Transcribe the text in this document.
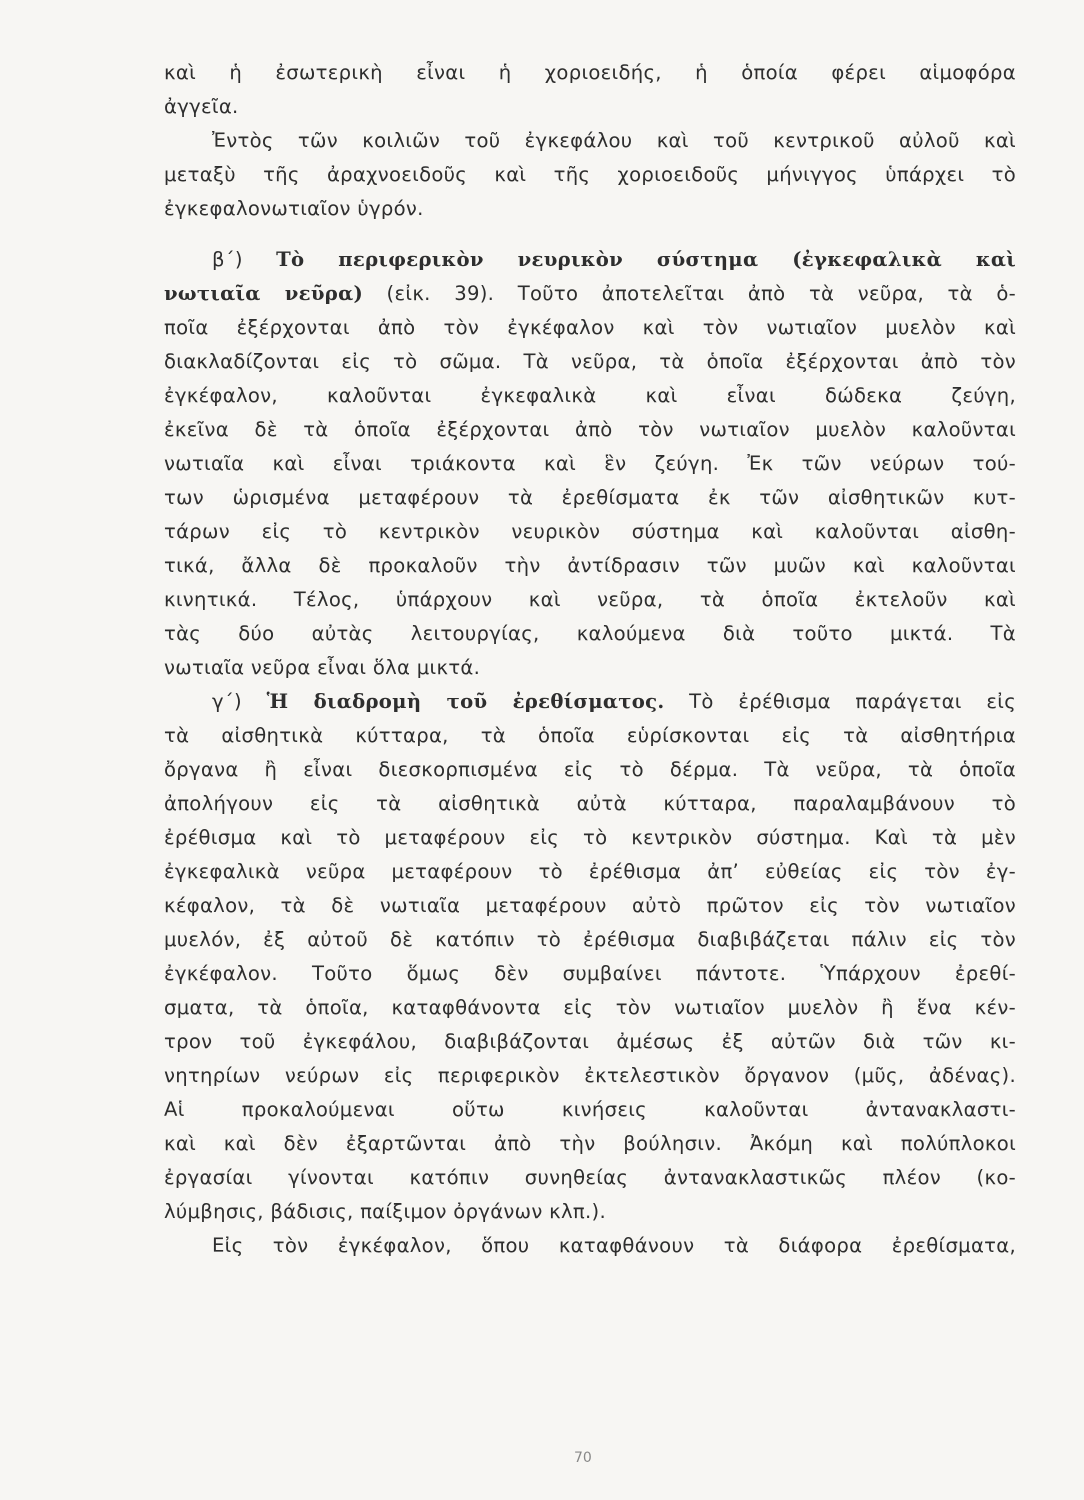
καὶ ἡ ἐσωτερικὴ εἶναι ἡ χοριοειδής, ἡ ὁποία φέρει αἱμοφόρα
ἀγγεῖα.
Ἐντὸς τῶν κοιλιῶν τοῦ ἐγκεφάλου καὶ τοῦ κεντρικοῦ αὐλοῦ καὶ
μεταξὺ τῆς ἀραχνοειδοῦς καὶ τῆς χοριοειδοῦς μήνιγγος ὑπάρχει τὸ
ἐγκεφαλονωτιαῖον ὑγρόν.
β΄) Τὸ περιφερικὸν νευρικὸν σύστημα (ἐγκεφαλικὰ καὶ
νωτιαῖα νεῦρα) (εἰκ. 39). Τοῦτο ἀποτελεῖται ἀπὸ τὰ νεῦρα, τὰ ὁ-
ποῖα ἐξέρχονται ἀπὸ τὸν ἐγκέφαλον καὶ τὸν νωτιαῖον μυελὸν καὶ
διακλαδίζονται εἰς τὸ σῶμα. Τὰ νεῦρα, τὰ ὁποῖα ἐξέρχονται ἀπὸ τὸν
ἐγκέφαλον, καλοῦνται ἐγκεφαλικὰ καὶ εἶναι δώδεκα ζεύγη,
ἐκεῖνα δὲ τὰ ὁποῖα ἐξέρχονται ἀπὸ τὸν νωτιαῖον μυελὸν καλοῦνται
νωτιαῖα καὶ εἶναι τριάκοντα καὶ ἓν ζεύγη. Ἐκ τῶν νεύρων τού-
των ὡρισμένα μεταφέρουν τὰ ἐρεθίσματα ἐκ τῶν αἰσθητικῶν κυτ-
τάρων εἰς τὸ κεντρικὸν νευρικὸν σύστημα καὶ καλοῦνται αἰσθη-
τικά, ἄλλα δὲ προκαλοῦν τὴν ἀντίδρασιν τῶν μυῶν καὶ καλοῦνται
κινητικά. Τέλος, ὑπάρχουν καὶ νεῦρα, τὰ ὁποῖα ἐκτελοῦν καὶ
τὰς δύο αὐτὰς λειτουργίας, καλούμενα διὰ τοῦτο μικτά. Τὰ
νωτιαῖα νεῦρα εἶναι ὅλα μικτά.
γ΄) Ἡ διαδρομὴ τοῦ ἐρεθίσματος. Τὸ ἐρέθισμα παράγεται εἰς
τὰ αἰσθητικὰ κύτταρα, τὰ ὁποῖα εὑρίσκονται εἰς τὰ αἰσθητήρια
ὄργανα ἢ εἶναι διεσκορπισμένα εἰς τὸ δέρμα. Τὰ νεῦρα, τὰ ὁποῖα
ἀπολήγουν εἰς τὰ αἰσθητικὰ αὐτὰ κύτταρα, παραλαμβάνουν τὸ
ἐρέθισμα καὶ τὸ μεταφέρουν εἰς τὸ κεντρικὸν σύστημα. Καὶ τὰ μὲν
ἐγκεφαλικὰ νεῦρα μεταφέρουν τὸ ἐρέθισμα ἀπ’ εὐθείας εἰς τὸν ἐγ-
κέφαλον, τὰ δὲ νωτιαῖα μεταφέρουν αὐτὸ πρῶτον εἰς τὸν νωτιαῖον
μυελόν, ἐξ αὐτοῦ δὲ κατόπιν τὸ ἐρέθισμα διαβιβάζεται πάλιν εἰς τὸν
ἐγκέφαλον. Τοῦτο ὅμως δὲν συμβαίνει πάντοτε. Ὑπάρχουν ἐρεθί-
σματα, τὰ ὁποῖα, καταφθάνοντα εἰς τὸν νωτιαῖον μυελὸν ἢ ἕνα κέν-
τρον τοῦ ἐγκεφάλου, διαβιβάζονται ἀμέσως ἐξ αὐτῶν διὰ τῶν κι-
νητηρίων νεύρων εἰς περιφερικὸν ἐκτελεστικὸν ὄργανον (μῦς, ἀδένας).
Αἱ προκαλούμεναι οὕτω κινήσεις καλοῦνται ἀντανακλαστι-
καὶ καὶ δὲν ἐξαρτῶνται ἀπὸ τὴν βούλησιν. Ἀκόμη καὶ πολύπλοκοι
ἐργασίαι γίνονται κατόπιν συνηθείας ἀντανακλαστικῶς πλέον (κο-
λύμβησις, βάδισις, παίξιμον ὀργάνων κλπ.).
Εἰς τὸν ἐγκέφαλον, ὅπου καταφθάνουν τὰ διάφορα ἐρεθίσματα,
70
